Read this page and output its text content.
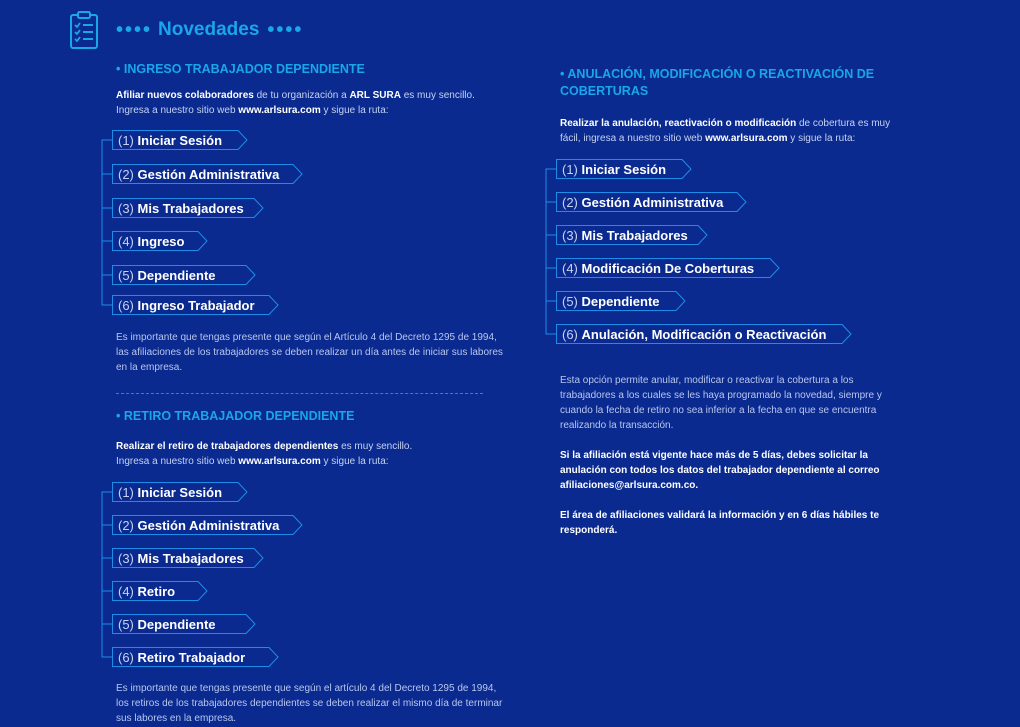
•••• Novedades ••••
• INGRESO TRABAJADOR DEPENDIENTE
Afiliar nuevos colaboradores de tu organización a ARL SURA es muy sencillo.
Ingresa a nuestro sitio web www.arlsura.com y sigue la ruta:
(1) Iniciar Sesión
(2) Gestión Administrativa
(3) Mis Trabajadores
(4) Ingreso
(5) Dependiente
(6) Ingreso Trabajador
Es importante que tengas presente que según el Artículo 4 del Decreto 1295 de 1994, las afiliaciones de los trabajadores se deben realizar un día antes de iniciar sus labores en la empresa.
• RETIRO TRABAJADOR DEPENDIENTE
Realizar el retiro de trabajadores dependientes es muy sencillo.
Ingresa a nuestro sitio web www.arlsura.com y sigue la ruta:
(1) Iniciar Sesión
(2) Gestión Administrativa
(3) Mis Trabajadores
(4) Retiro
(5) Dependiente
(6) Retiro Trabajador
Es importante que tengas presente que según el artículo 4 del Decreto 1295 de 1994, los retiros de los trabajadores dependientes se deben realizar el mismo día de terminar sus labores en la empresa.
• ANULACIÓN, MODIFICACIÓN O REACTIVACIÓN DE COBERTURAS
Realizar la anulación, reactivación o modificación de cobertura es muy fácil, ingresa a nuestro sitio web www.arlsura.com y sigue la ruta:
(1) Iniciar Sesión
(2) Gestión Administrativa
(3) Mis Trabajadores
(4) Modificación De Coberturas
(5) Dependiente
(6) Anulación, Modificación o Reactivación
Esta opción permite anular, modificar o reactivar la cobertura a los trabajadores a los cuales se les haya programado la novedad, siempre y cuando la fecha de retiro no sea inferior a la fecha en que se encuentra realizando la transacción.
Si la afiliación está vigente hace más de 5 días, debes solicitar la anulación con todos los datos del trabajador dependiente al correo afiliaciones@arlsura.com.co.
El área de afiliaciones validará la información y en 6 días hábiles te responderá.
